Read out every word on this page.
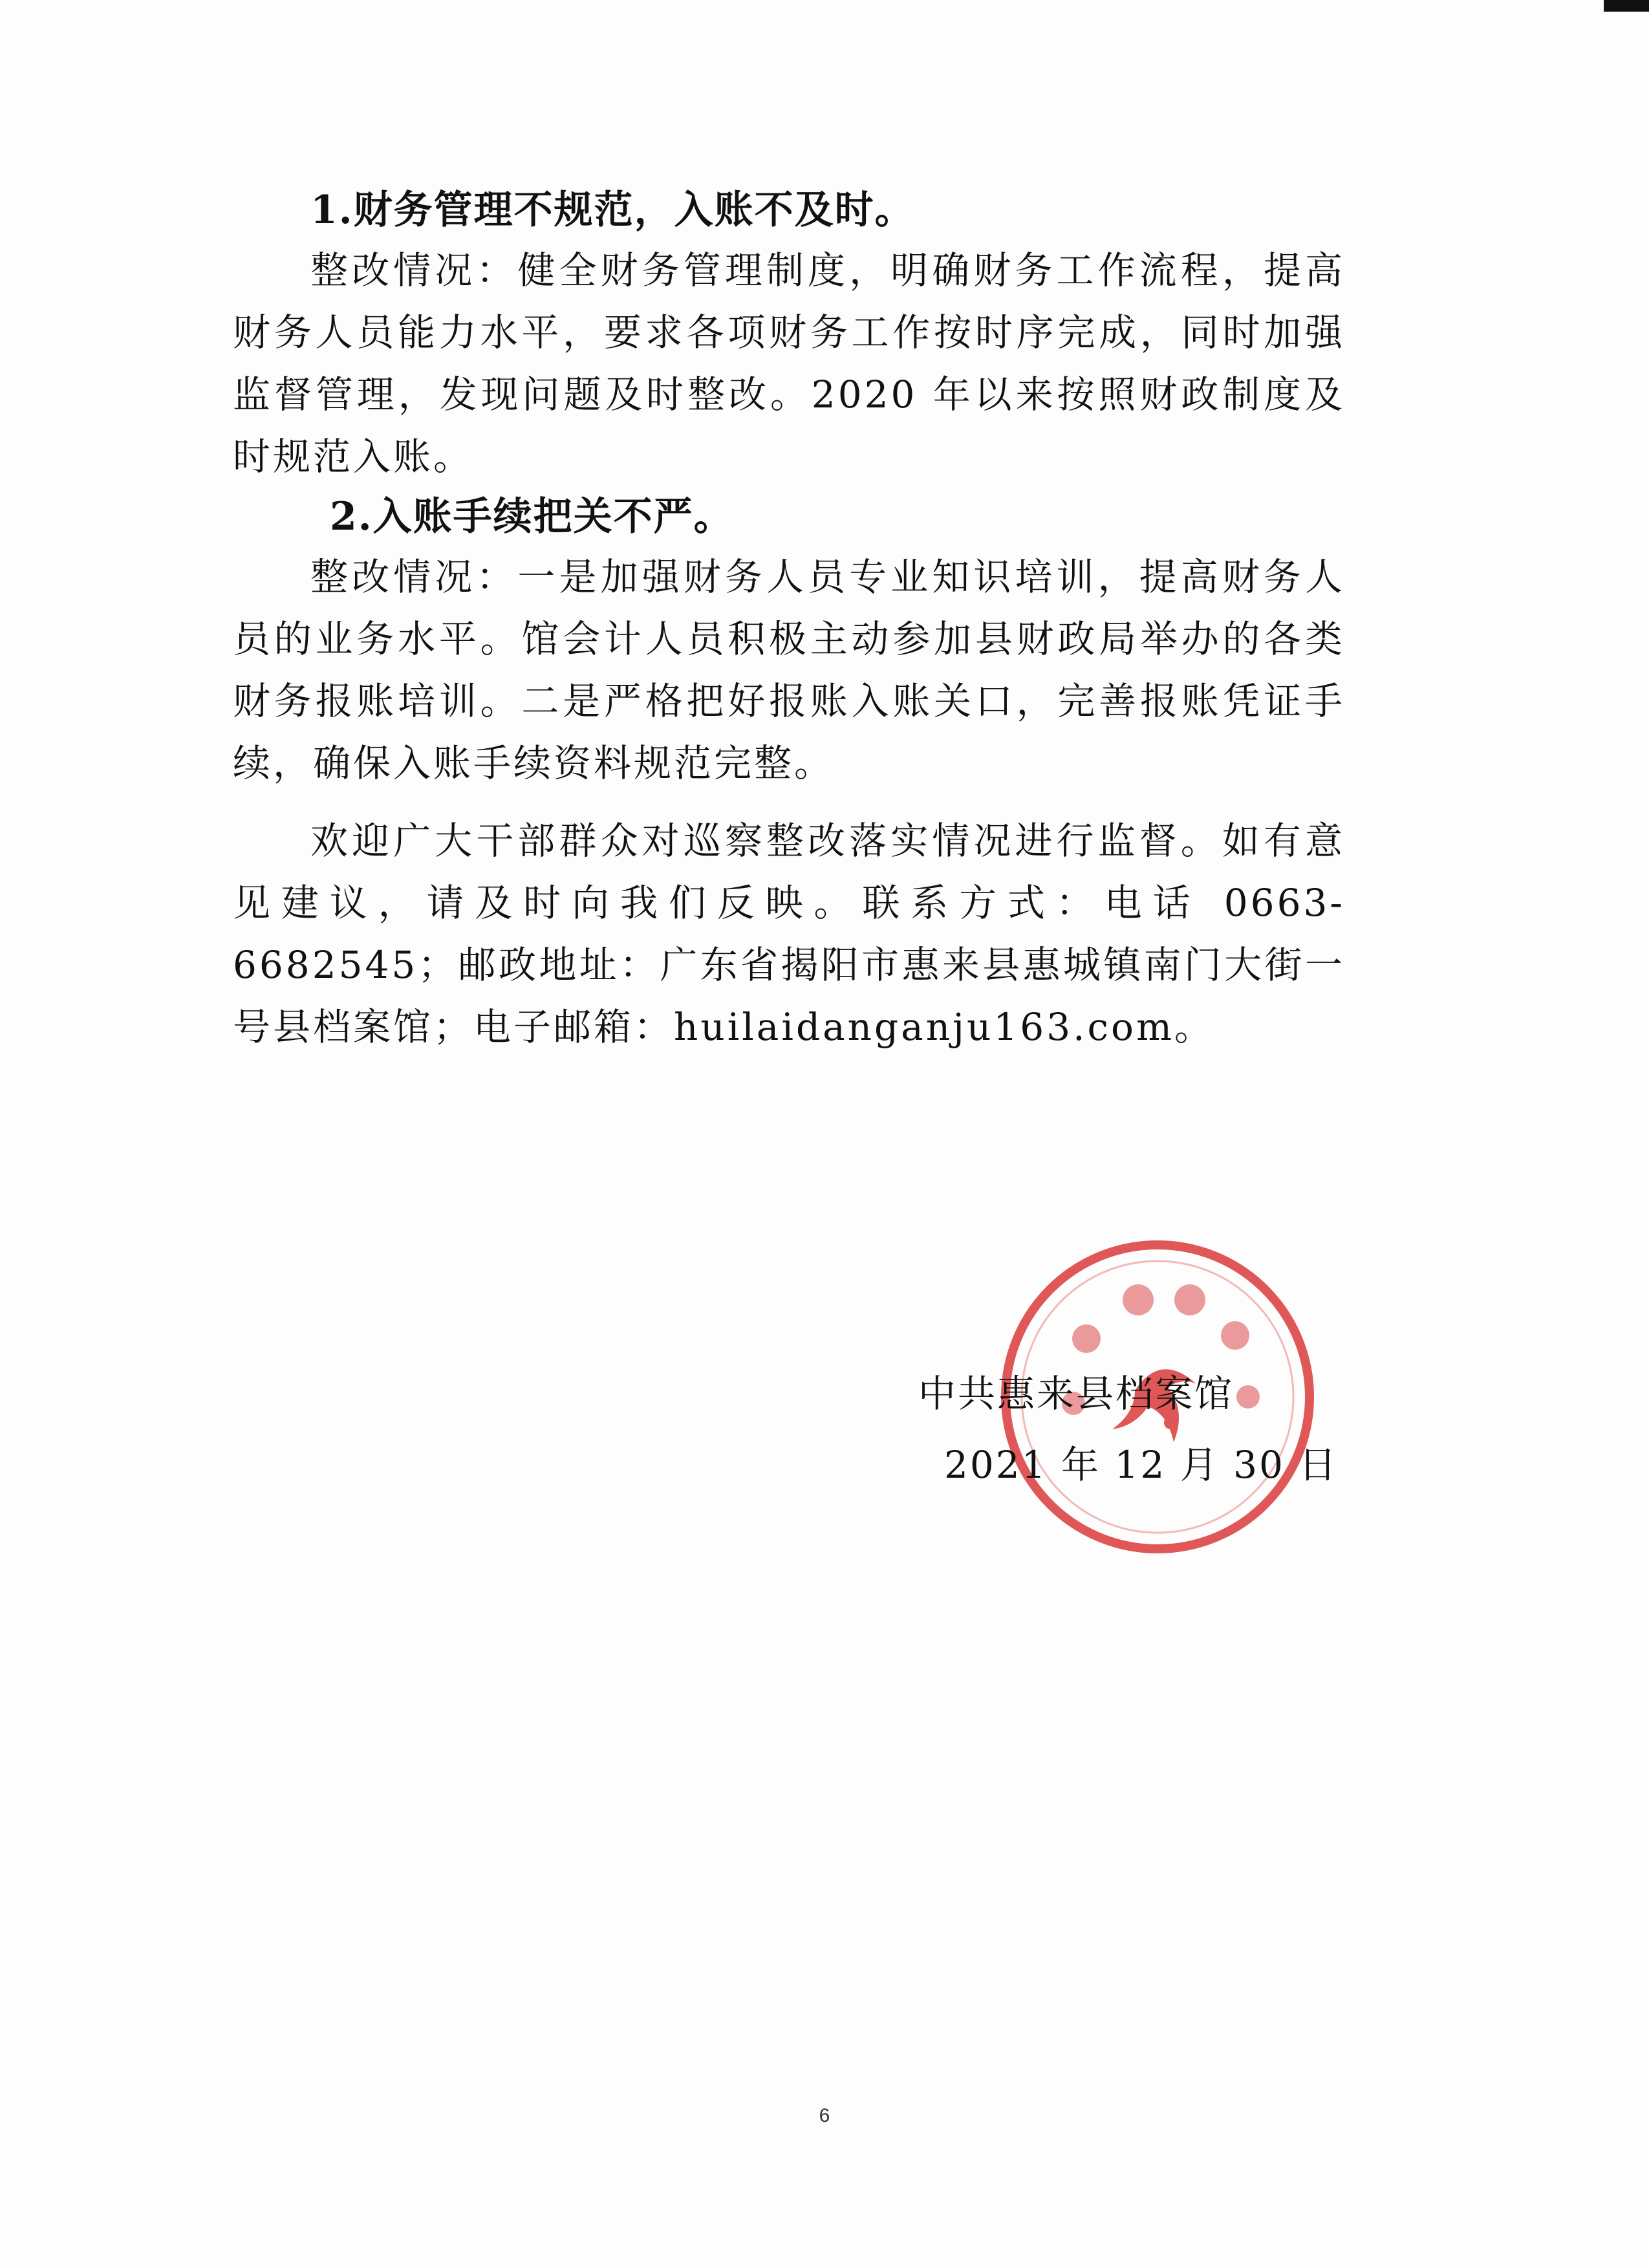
1.财务管理不规范，入账不及时。

整改情况：健全财务管理制度，明确财务工作流程，提高财务人员能力水平，要求各项财务工作按时序完成，同时加强监督管理，发现问题及时整改。2020 年以来按照财政制度及时规范入账。

2.入账手续把关不严。

整改情况：一是加强财务人员专业知识培训，提高财务人员的业务水平。馆会计人员积极主动参加县财政局举办的各类财务报账培训。二是严格把好报账入账关口，完善报账凭证手续，确保入账手续资料规范完整。

欢迎广大干部群众对巡察整改落实情况进行监督。如有意见建议，请及时向我们反映。联系方式：电话 0663-6682545；邮政地址：广东省揭阳市惠来县惠城镇南门大街一号县档案馆；电子邮箱：huilaidanganju163.com。

中共惠来县档案馆

2021 年 12 月 30 日

6
